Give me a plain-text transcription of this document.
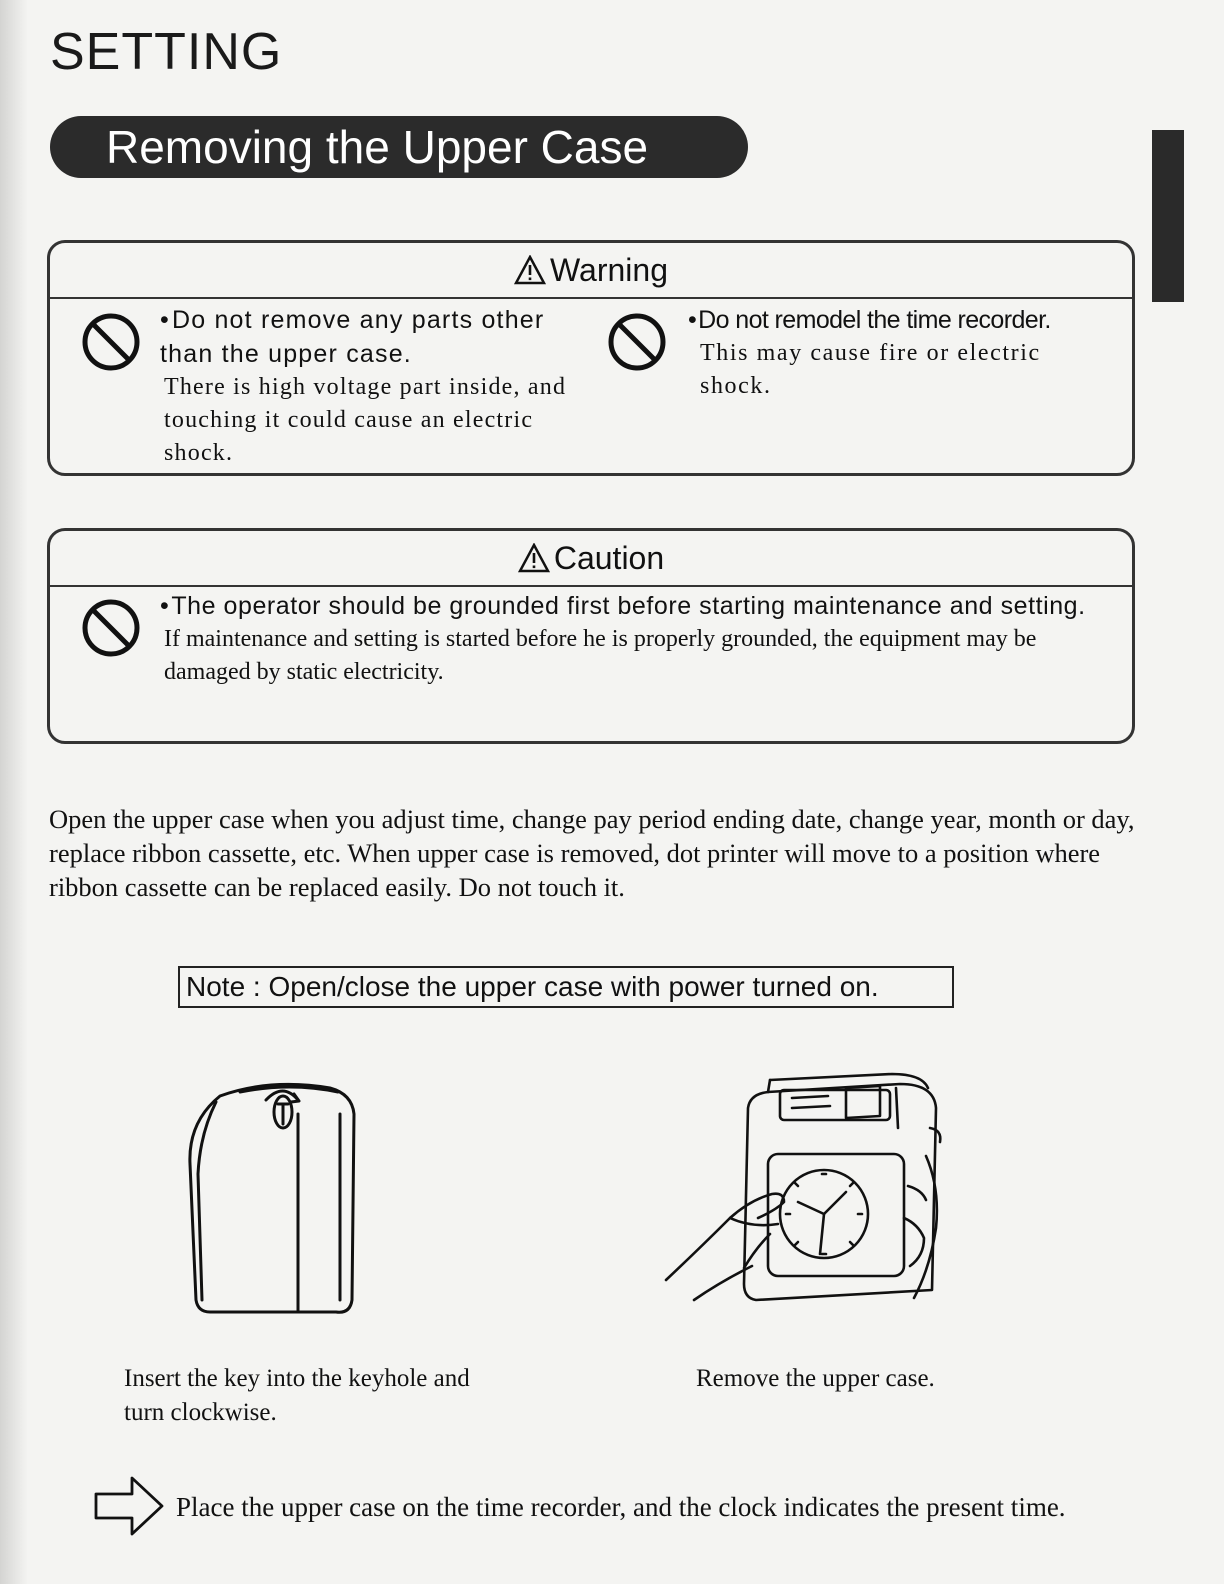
SETTING
Removing the Upper Case
Warning
•Do not remove any parts other than the upper case.
There is high voltage part inside, and touching it could cause an electric shock.
•Do not remodel the time recorder.
This may cause fire or electric shock.
Caution
•The operator should be grounded first before starting maintenance and setting.
If maintenance and setting is started before he is properly grounded, the equipment may be damaged by static electricity.

Open the upper case when you adjust time, change pay period ending date, change year, month or day, replace ribbon cassette, etc. When upper case is removed, dot printer will move to a position where ribbon cassette can be replaced easily. Do not touch it.

Note : Open/close the upper case with power turned on.
Insert the key into the keyhole and turn clockwise.
Remove the upper case.

Place the upper case on the time recorder, and the clock indicates the present time.
